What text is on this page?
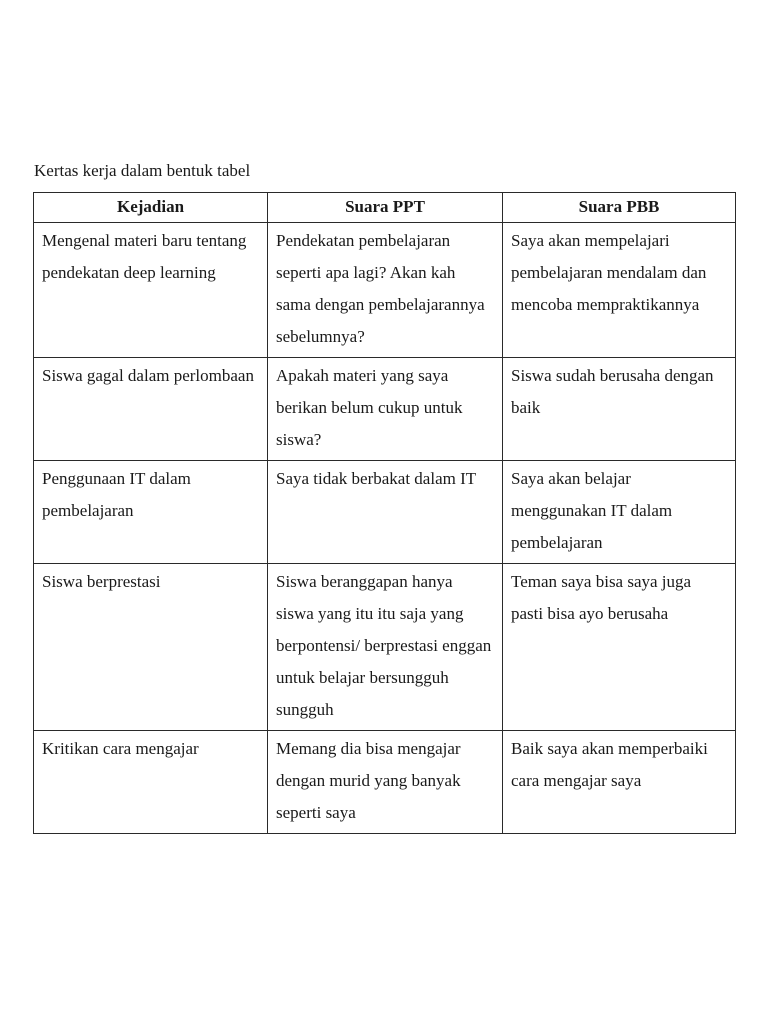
Kertas kerja dalam bentuk tabel
Kejadian	Suara PPT	Suara PBB

Mengenal materi baru tentang pendekatan deep learning	Pendekatan pembelajaran seperti apa lagi? Akan kah sama dengan pembelajarannya sebelumnya?	Saya akan mempelajari pembelajaran mendalam dan mencoba mempraktikannya

Siswa gagal dalam perlombaan	Apakah materi yang saya berikan belum cukup untuk siswa?	Siswa sudah berusaha dengan baik

Penggunaan IT dalam pembelajaran	Saya tidak berbakat dalam IT	Saya akan belajar menggunakan IT dalam pembelajaran

Siswa berprestasi	Siswa beranggapan hanya siswa yang itu itu saja yang berpontensi/ berprestasi enggan untuk belajar bersungguh sungguh	Teman saya bisa saya juga pasti bisa ayo berusaha

Kritikan cara mengajar	Memang dia bisa mengajar dengan murid yang banyak seperti saya	Baik saya akan memperbaiki cara mengajar saya
